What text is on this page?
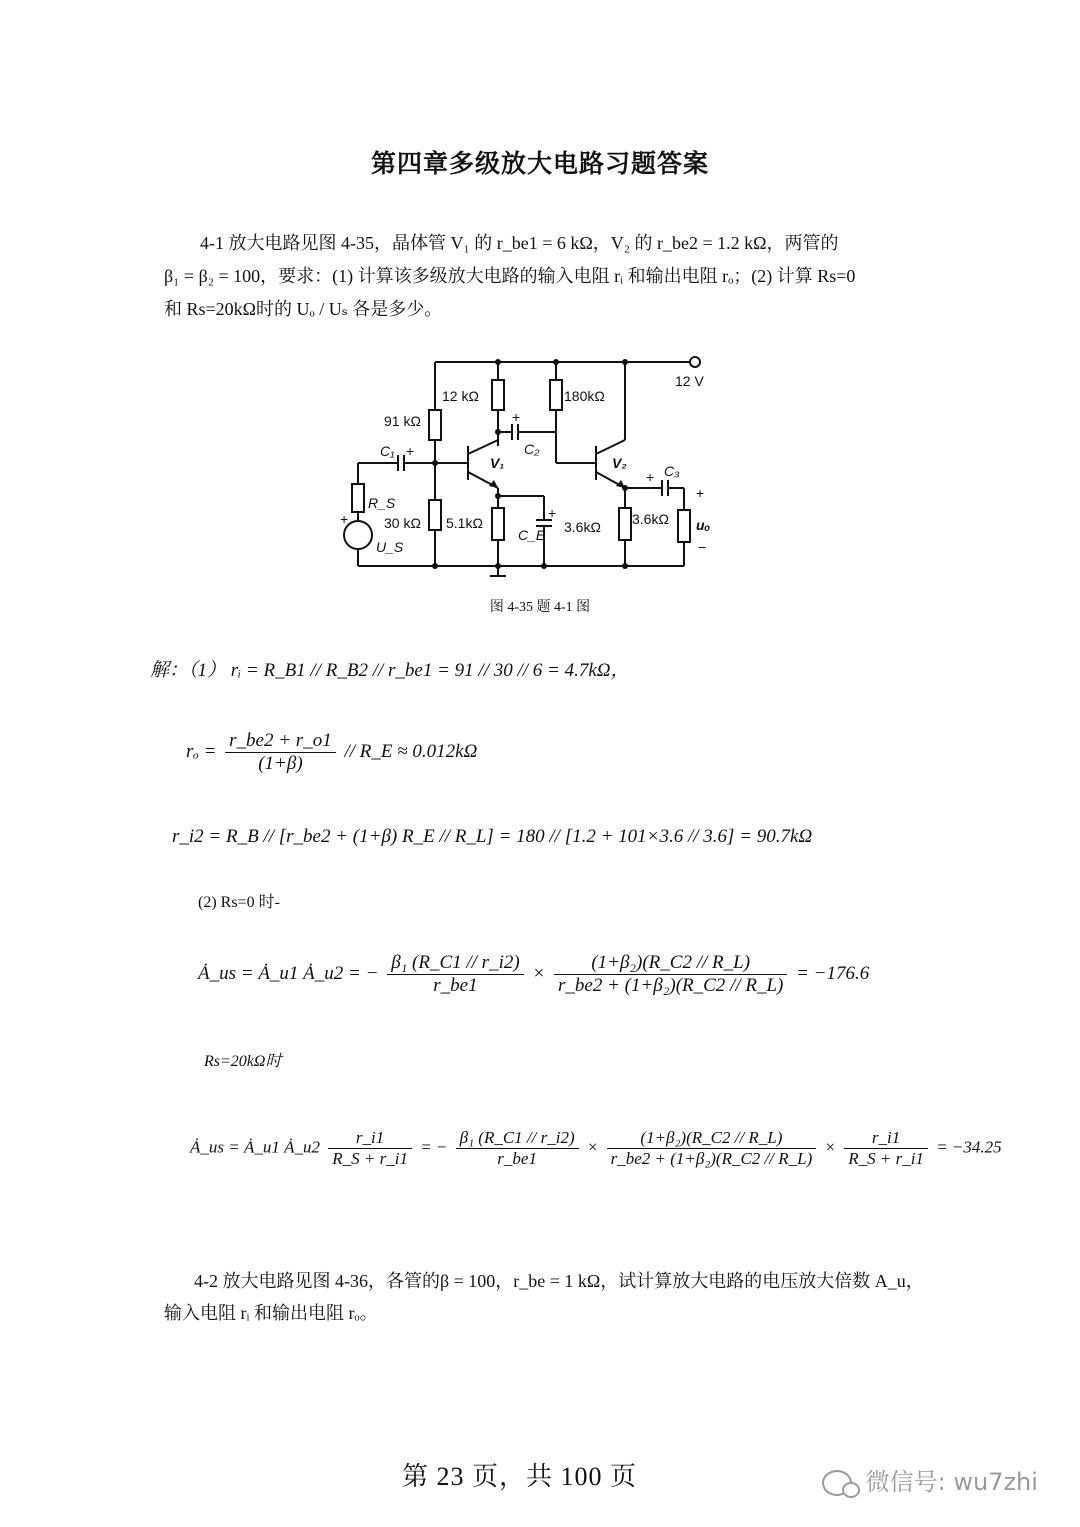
第四章多级放大电路习题答案
4-1 放大电路见图 4-35，晶体管 V₁ 的 r_be1 = 6 kΩ，V₂ 的 r_be2 = 1.2 kΩ，两管的
β₁ = β₂ = 100，要求：(1) 计算该多级放大电路的输入电阻 rᵢ 和输出电阻 rₒ；(2) 计算 Rs=0
和 Rs=20kΩ时的 Uₒ / Uₛ 各是多少。
12 V
12 kΩ
91 kΩ
30 kΩ 5.1kΩ
180kΩ
3.6kΩ 3.6kΩ
C₁	C₂
C₃
C_E
R_S
U_S
V₁	V₂
uₒ
+
+
+
+
+
+
−
图 4-35 题 4-1 图
解：（1） rᵢ = R_B1 // R_B2 // r_be1 = 91 // 30 // 6 = 4.7kΩ，
$r_o = \frac{r\_be2 + r\_o1}{(1+\beta)}$ // R_E ≈ 0.012kΩ
r_i2 = R_B // [r_be2 + (1+β) R_E // R_L] = 180 // [1.2 + 101×3.6 // 3.6] = 90.7kΩ
(2) Rs=0 时-
Ȧ_us = Ȧ_u1 Ȧ_u2 = − $\frac{\text{β₁ (R\_C1 // r\_i2)}}{r\_be1} \times \frac{\text{(1+β₂)(R\_C2 // R\_L)}}{\text{r\_be2 + (1+β₂)(R\_C2 // R\_L)}} = -176.6$
Rs=20kΩ时
Ȧ_us = Ȧ_u1 Ȧ_u2 $\frac{r\_i1}{R\_S + r\_i1}$ = − $\frac{\text{β₁ (R\_C1 // r\_i2)}}{r\_be1} \times \frac{\text{(1+β₂)(R\_C2 // R\_L)}}{\text{r\_be2 + (1+β₂)(R\_C2 // R\_L)}} \times \frac{r\_i1}{R\_S + r\_i1} = -34.25$
4-2 放大电路见图 4-36，各管的β = 100，r_be = 1 kΩ，试计算放大电路的电压放大倍数 A_u，
输入电阻 rᵢ 和输出电阻 rₒ。
第 23 页，共 100 页	微信号: wu7zhi
